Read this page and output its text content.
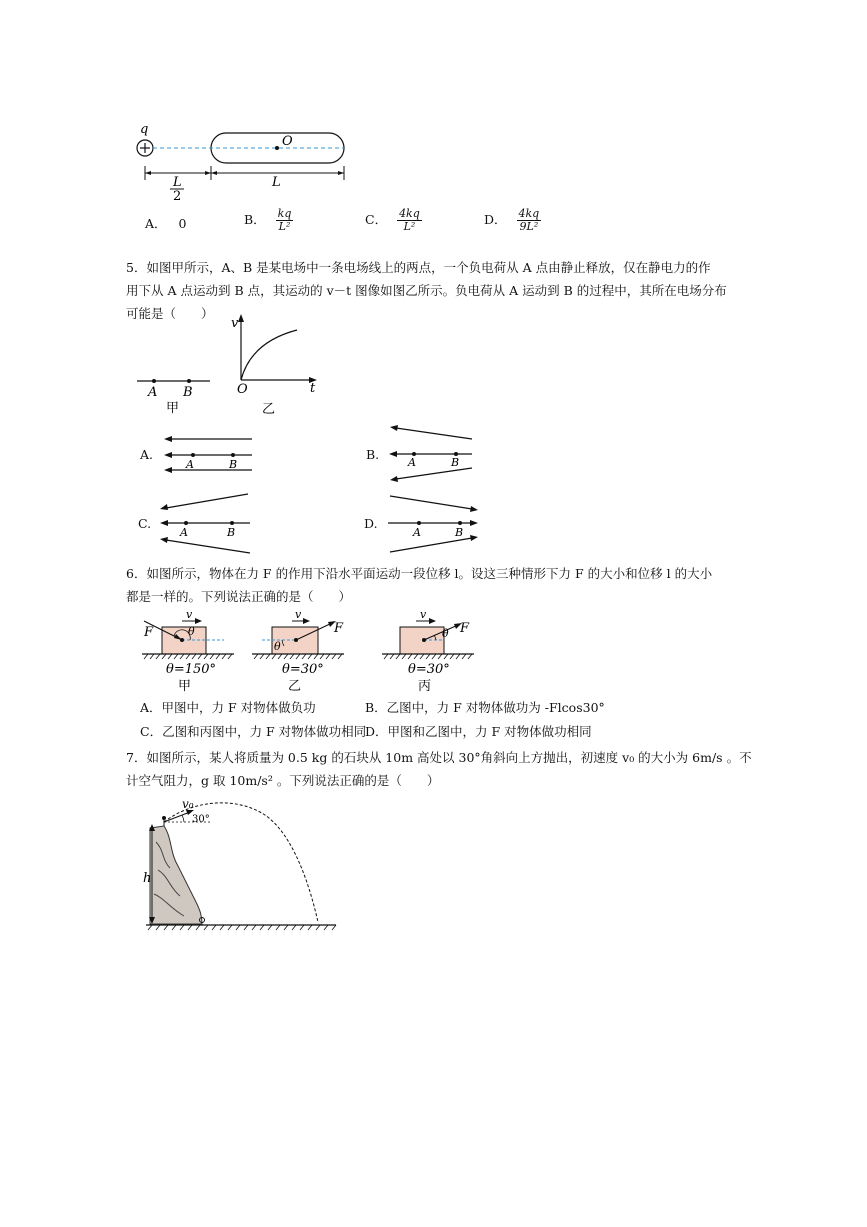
q
O
L
2
L
A． 0	B． $\frac{kq}{\text{L²}}$	C． $\frac{4kq}{\text{L²}}$	D． $\frac{4kq}{\text{9L²}}$
5．如图甲所示，A、B 是某电场中一条电场线上的两点，一个负电荷从 A 点由静止释放，仅在静电力的作
用下从 A 点运动到 B 点，其运动的 v－t 图像如图乙所示。负电荷从 A 运动到 B 的过程中，其所在电场分布
可能是（　　）
A B
甲
v
t
O
乙
A.
A	B
B.
A	B
C.
A	B
D.
A	B
6．如图所示，物体在力 F 的作用下沿水平面运动一段位移 l。设这三种情形下力 F 的大小和位移 l 的大小
都是一样的。下列说法正确的是（　　）
v
F	θ
θ=150°
甲
v
F
θ
θ=30°
乙
v
F
θ
θ=30°
丙
A．甲图中，力 F 对物体做负功	B．乙图中，力 F 对物体做功为 -Flcos30°
C．乙图和丙图中，力 F 对物体做功相同
D．甲图和乙图中，力 F 对物体做功相同
7．如图所示，某人将质量为 0.5 kg 的石块从 10m 高处以 30°角斜向上方抛出，初速度 v₀ 的大小为 6m/s 。不
计空气阻力，g 取 10m/s² 。下列说法正确的是（　　）
h
v₀
30°
